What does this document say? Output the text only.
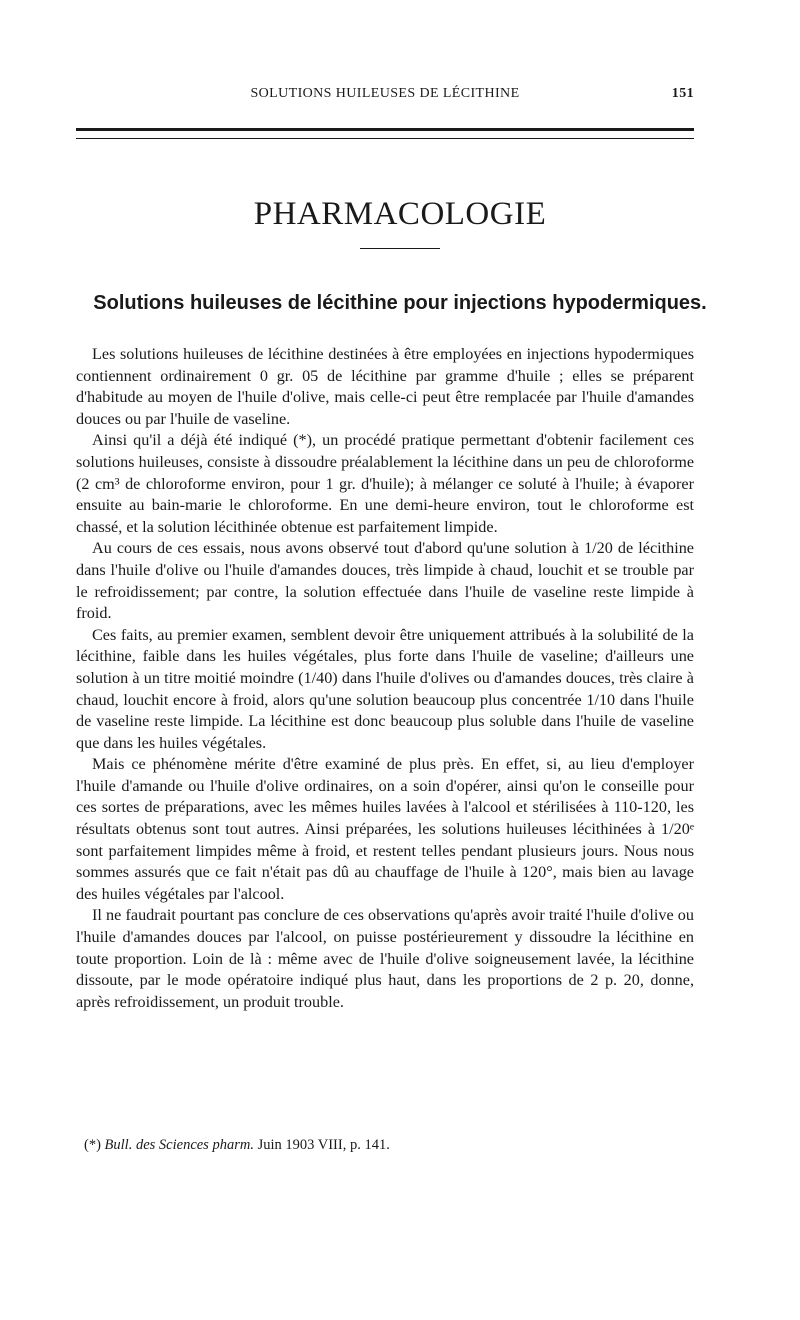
SOLUTIONS HUILEUSES DE LÉCITHINE	151
PHARMACOLOGIE
Solutions huileuses de lécithine pour injections hypodermiques.

Les solutions huileuses de lécithine destinées à être employées en injections hypodermiques contiennent ordinairement 0 gr. 05 de lécithine par gramme d'huile ; elles se préparent d'habitude au moyen de l'huile d'olive, mais celle-ci peut être remplacée par l'huile d'amandes douces ou par l'huile de vaseline.

Ainsi qu'il a déjà été indiqué (*), un procédé pratique permettant d'obtenir facilement ces solutions huileuses, consiste à dissoudre préalablement la lécithine dans un peu de chloroforme (2 cm³ de chloroforme environ, pour 1 gr. d'huile); à mélanger ce soluté à l'huile; à évaporer ensuite au bain-marie le chloroforme. En une demi-heure environ, tout le chloroforme est chassé, et la solution lécithinée obtenue est parfaitement limpide.

Au cours de ces essais, nous avons observé tout d'abord qu'une solution à 1/20 de lécithine dans l'huile d'olive ou l'huile d'amandes douces, très limpide à chaud, louchit et se trouble par le refroidissement; par contre, la solution effectuée dans l'huile de vaseline reste limpide à froid.

Ces faits, au premier examen, semblent devoir être uniquement attribués à la solubilité de la lécithine, faible dans les huiles végétales, plus forte dans l'huile de vaseline; d'ailleurs une solution à un titre moitié moindre (1/40) dans l'huile d'olives ou d'amandes douces, très claire à chaud, louchit encore à froid, alors qu'une solution beaucoup plus concentrée 1/10 dans l'huile de vaseline reste limpide. La lécithine est donc beaucoup plus soluble dans l'huile de vaseline que dans les huiles végétales.

Mais ce phénomène mérite d'être examiné de plus près. En effet, si, au lieu d'employer l'huile d'amande ou l'huile d'olive ordinaires, on a soin d'opérer, ainsi qu'on le conseille pour ces sortes de préparations, avec les mêmes huiles lavées à l'alcool et stérilisées à 110-120, les résultats obtenus sont tout autres. Ainsi préparées, les solutions huileuses lécithinées à 1/20ᵉ sont parfaitement limpides même à froid, et restent telles pendant plusieurs jours. Nous nous sommes assurés que ce fait n'était pas dû au chauffage de l'huile à 120°, mais bien au lavage des huiles végétales par l'alcool.

Il ne faudrait pourtant pas conclure de ces observations qu'après avoir traité l'huile d'olive ou l'huile d'amandes douces par l'alcool, on puisse postérieurement y dissoudre la lécithine en toute proportion. Loin de là : même avec de l'huile d'olive soigneusement lavée, la lécithine dissoute, par le mode opératoire indiqué plus haut, dans les proportions de 2 p. 20, donne, après refroidissement, un produit trouble.

(*) Bull. des Sciences pharm. Juin 1903 VIII, p. 141.
